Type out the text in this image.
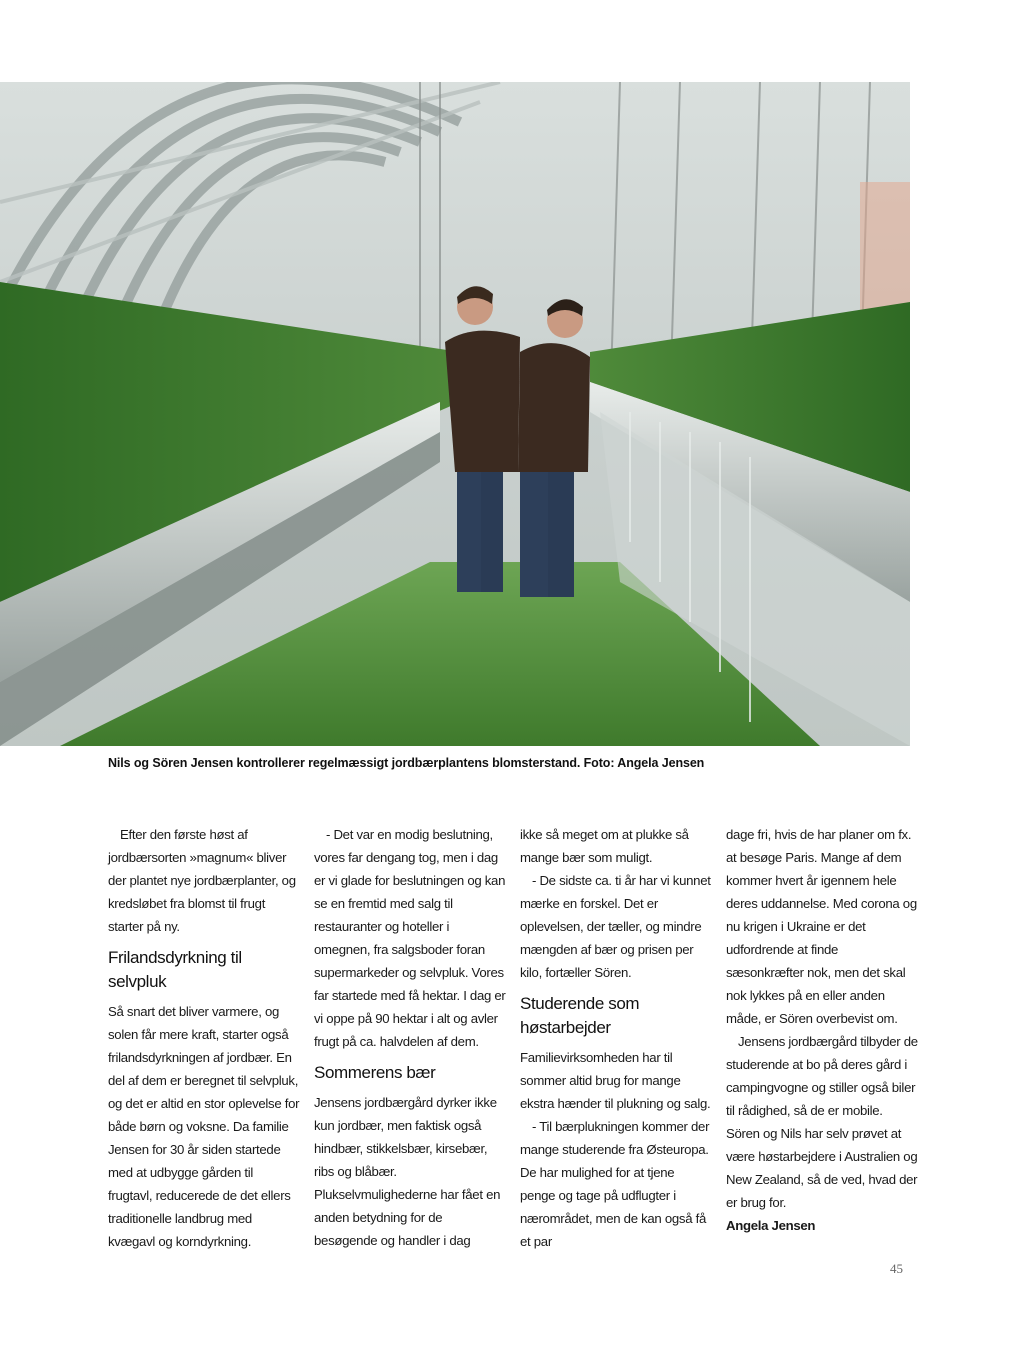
Nils og Sören Jensen kontrollerer regelmæssigt jordbærplantens blomsterstand. Foto: Angela Jensen

Efter den første høst af jordbærsorten »magnum« bliver der plantet nye jordbærplanter, og kredsløbet fra blomst til frugt starter på ny.

Frilandsdyrkning til selvpluk

Så snart det bliver varmere, og solen får mere kraft, starter også frilandsdyrkningen af jordbær. En del af dem er beregnet til selvpluk, og det er altid en stor oplevelse for både børn og voksne. Da familie Jensen for 30 år siden startede med at udbygge gården til frugtavl, reducerede de det ellers traditionelle landbrug med kvægavl og korndyrkning.

- Det var en modig beslutning, vores far dengang tog, men i dag er vi glade for beslutningen og kan se en fremtid med salg til restauranter og hoteller i omegnen, fra salgsboder foran supermarkeder og selvpluk. Vores far startede med få hektar. I dag er vi oppe på 90 hektar i alt og avler frugt på ca. halvdelen af dem.

Sommerens bær

Jensens jordbærgård dyrker ikke kun jordbær, men faktisk også hindbær, stikkelsbær, kirsebær, ribs og blåbær. Plukselvmulighederne har fået en anden betydning for de besøgende og handler i dag

ikke så meget om at plukke så mange bær som muligt.

- De sidste ca. ti år har vi kunnet mærke en forskel. Det er oplevelsen, der tæller, og mindre mængden af bær og prisen per kilo, fortæller Sören.

Studerende som høstarbejder

Familievirksomheden har til sommer altid brug for mange ekstra hænder til plukning og salg.

- Til bærplukningen kommer der mange studerende fra Østeuropa. De har mulighed for at tjene penge og tage på udflugter i nærområdet, men de kan også få et par

dage fri, hvis de har planer om fx. at besøge Paris. Mange af dem kommer hvert år igennem hele deres uddannelse. Med corona og nu krigen i Ukraine er det udfordrende at finde sæsonkræfter nok, men det skal nok lykkes på en eller anden måde, er Sören overbevist om.

Jensens jordbærgård tilbyder de studerende at bo på deres gård i campingvogne og stiller også biler til rådighed, så de er mobile. Sören og Nils har selv prøvet at være høstarbejdere i Australien og New Zealand, så de ved, hvad der er brug for.

Angela Jensen

45
